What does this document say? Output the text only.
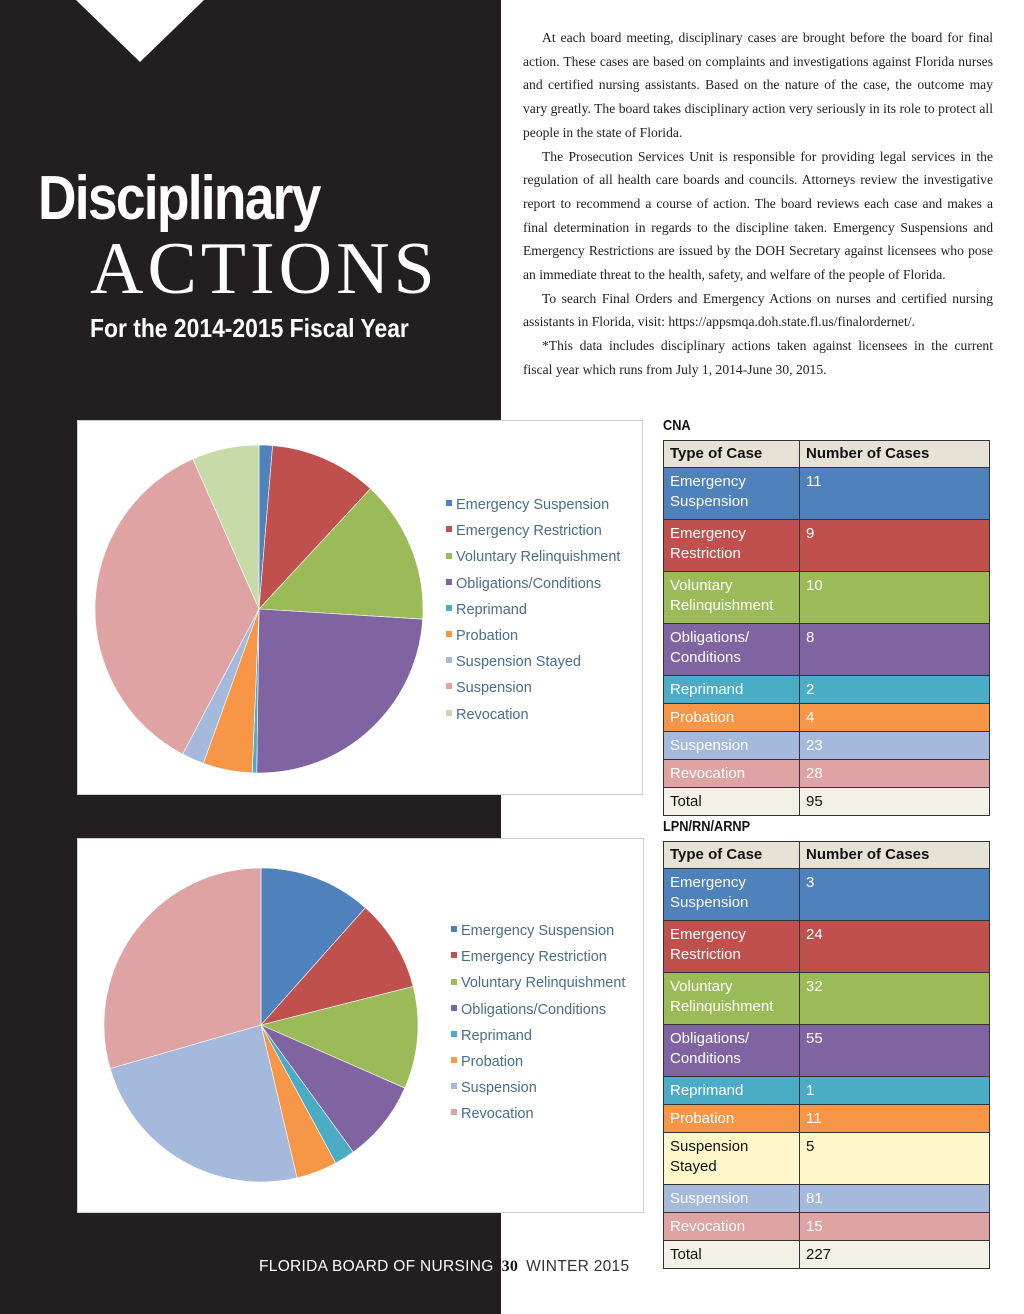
Disciplinary
ACTIONS
For the 2014-2015 Fiscal Year

At each board meeting, disciplinary cases are brought before the board for final action. These cases are based on complaints and investigations against Florida nurses and certified nursing assistants. Based on the nature of the case, the outcome may vary greatly. The board takes disciplinary action very seriously in its role to protect all people in the state of Florida.

The Prosecution Services Unit is responsible for providing legal services in the regulation of all health care boards and councils. Attorneys review the investigative report to recommend a course of action. The board reviews each case and makes a final determination in regards to the discipline taken. Emergency Suspensions and Emergency Restrictions are issued by the DOH Secretary against licensees who pose an immediate threat to the health, safety, and welfare of the people of Florida.

To search Final Orders and Emergency Actions on nurses and certified nursing assistants in Florida, visit: https://appsmqa.doh.state.fl.us/finalordernet/.

*This data includes disciplinary actions taken against licensees in the current fiscal year which runs from July 1, 2014-June 30, 2015.

Emergency Suspension
Emergency Restriction
Voluntary Relinquishment
Obligations/Conditions
Reprimand
Probation
Suspension Stayed
Suspension
Revocation
Emergency Suspension
Emergency Restriction
Voluntary Relinquishment
Obligations/Conditions
Reprimand
Probation
Suspension
Revocation
CNA
Type of Case	Number of Cases
Emergency Suspension	11
Emergency Restriction	9
Voluntary Relinquishment	10
Obligations/ Conditions	8
Reprimand	2
Probation	4
Suspension	23
Revocation	28
Total	95
LPN/RN/ARNP
Type of Case	Number of Cases
Emergency Suspension	3
Emergency Restriction	24
Voluntary Relinquishment	32
Obligations/ Conditions	55
Reprimand	1
Probation	11
Suspension Stayed	5
Suspension	81
Revocation	15
Total	227
FLORIDA BOARD OF NURSING 30 WINTER 2015
